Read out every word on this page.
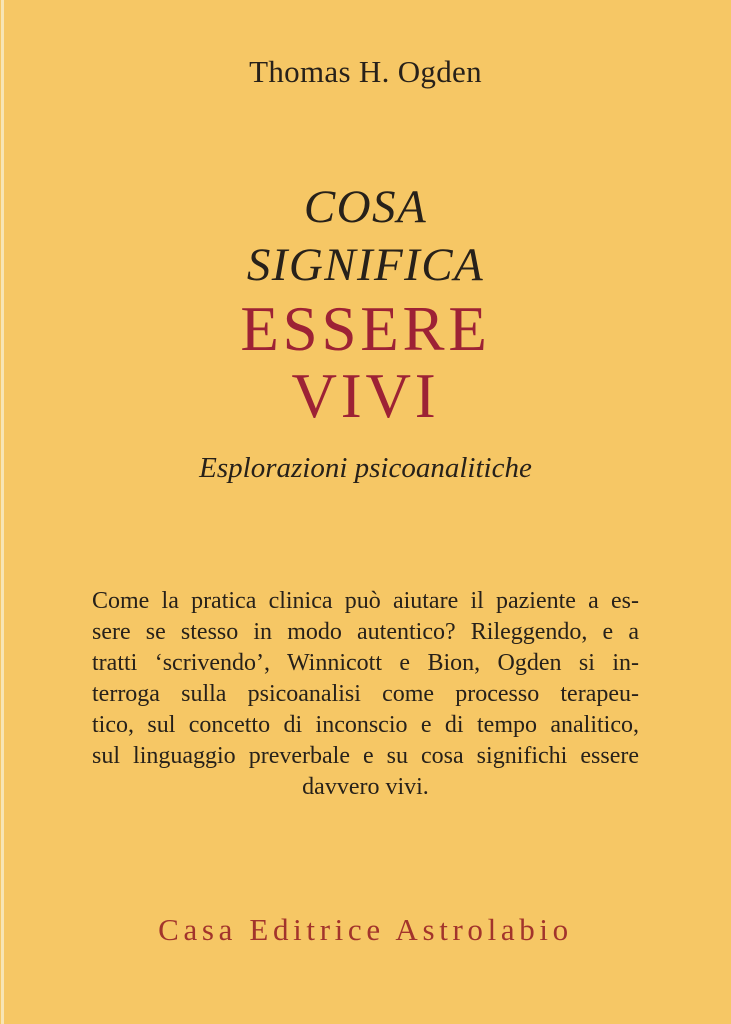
Thomas H. Ogden
COSA
SIGNIFICA
ESSERE
VIVI
Esplorazioni psicoanalitiche
Come la pratica clinica può aiutare il paziente a es-
sere se stesso in modo autentico? Rileggendo, e a
tratti ‘scrivendo’, Winnicott e Bion, Ogden si in-
terroga sulla psicoanalisi come processo terapeu-
tico, sul concetto di inconscio e di tempo analitico,
sul linguaggio preverbale e su cosa significhi essere
davvero vivi.
Casa Editrice Astrolabio
